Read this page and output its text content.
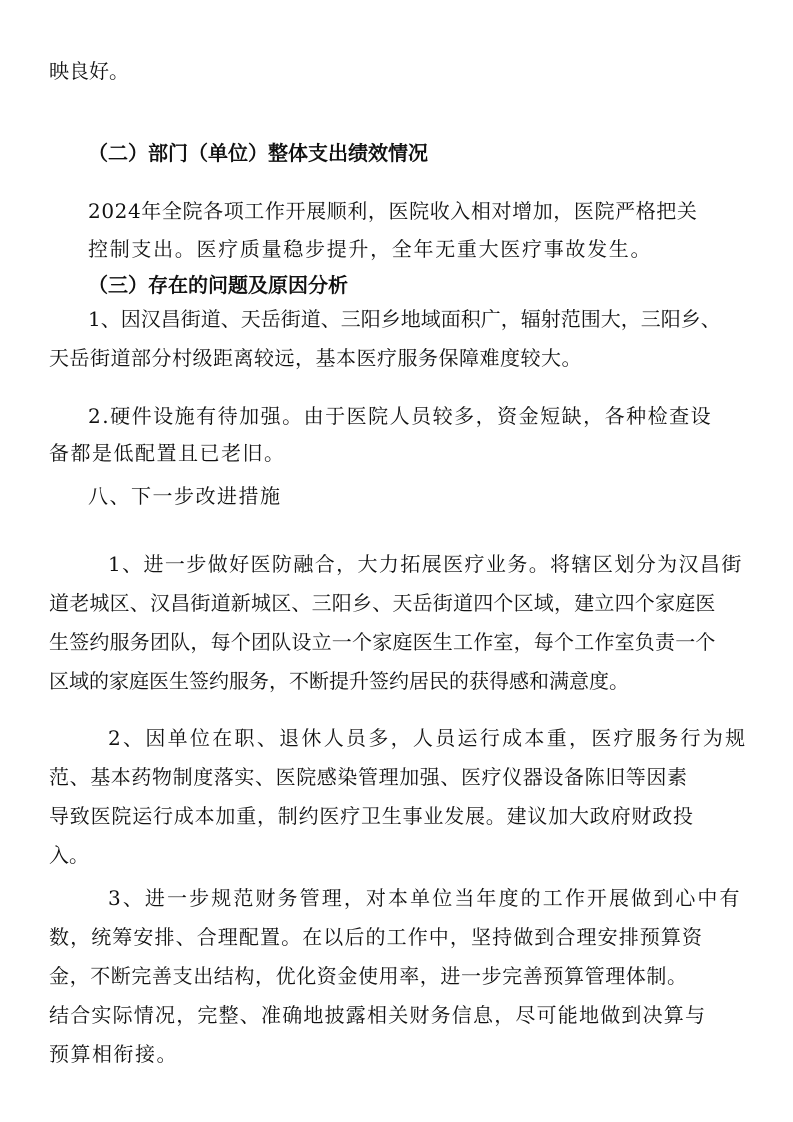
映良好。
（二）部门（单位）整体支出绩效情况
2024年全院各项工作开展顺利，医院收入相对增加，医院严格把关
控制支出。医疗质量稳步提升，全年无重大医疗事故发生。
（三）存在的问题及原因分析
1、因汉昌街道、天岳街道、三阳乡地域面积广，辐射范围大，三阳乡、
天岳街道部分村级距离较远，基本医疗服务保障难度较大。
2.硬件设施有待加强。由于医院人员较多，资金短缺，各种检查设
备都是低配置且已老旧。
八、下一步改进措施
1、进一步做好医防融合，大力拓展医疗业务。将辖区划分为汉昌街
道老城区、汉昌街道新城区、三阳乡、天岳街道四个区域，建立四个家庭医
生签约服务团队，每个团队设立一个家庭医生工作室，每个工作室负责一个
区域的家庭医生签约服务，不断提升签约居民的获得感和满意度。
2、因单位在职、退休人员多，人员运行成本重，医疗服务行为规
范、基本药物制度落实、医院感染管理加强、医疗仪器设备陈旧等因素
导致医院运行成本加重，制约医疗卫生事业发展。建议加大政府财政投
入。
3、进一步规范财务管理，对本单位当年度的工作开展做到心中有
数，统筹安排、合理配置。在以后的工作中，坚持做到合理安排预算资
金，不断完善支出结构，优化资金使用率，进一步完善预算管理体制。
结合实际情况，完整、准确地披露相关财务信息，尽可能地做到决算与
预算相衔接。
